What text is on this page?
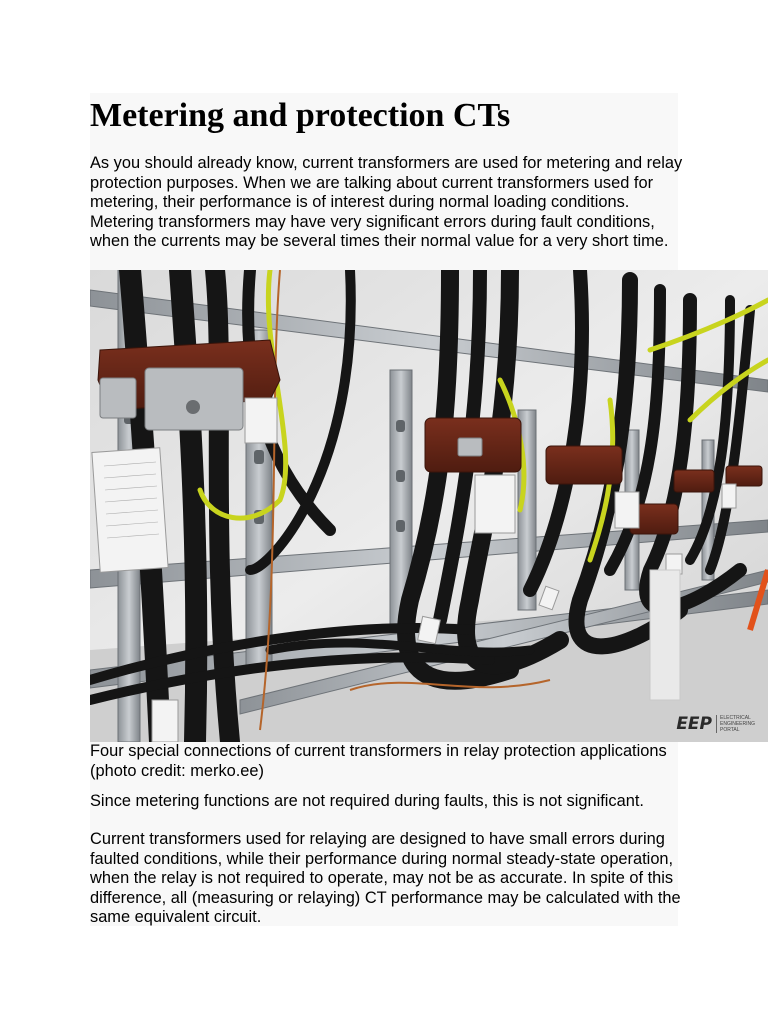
Metering and protection CTs

As you should already know, current transformers are used for metering and relay protection purposes. When we are talking about current transformers used for metering, their performance is of interest during normal loading conditions. Metering transformers may have very significant errors during fault conditions, when the currents may be several times their normal value for a very short time.

EEP	ELECTRICAL ENGINEERING PORTAL

Four special connections of current transformers in relay protection applications (photo credit: merko.ee)

Since metering functions are not required during faults, this is not significant.

Current transformers used for relaying are designed to have small errors during faulted conditions, while their performance during normal steady-state operation, when the relay is not required to operate, may not be as accurate. In spite of this difference, all (measuring or relaying) CT performance may be calculated with the same equivalent circuit.
